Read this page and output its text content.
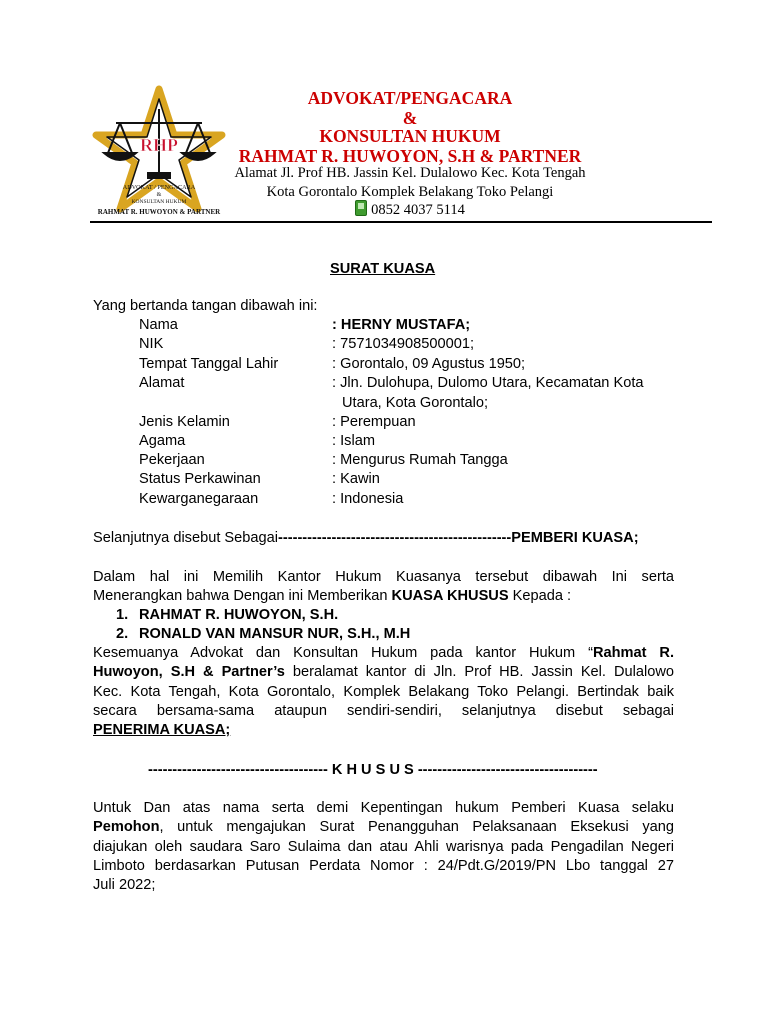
RHP
ADVOKAT / PENGACARA
&
KONSULTAN HUKUM
RAHMAT R. HUWOYON & PARTNER
ADVOKAT/PENGACARA
&
KONSULTAN HUKUM
RAHMAT R. HUWOYON, S.H & PARTNER
Alamat Jl. Prof HB. Jassin Kel. Dulalowo Kec. Kota Tengah
Kota Gorontalo Komplek Belakang Toko Pelangi
0852 4037 5114
SURAT KUASA
Yang bertanda tangan dibawah ini:
Nama	: HERNY MUSTAFA;
NIK	: 7571034908500001;
Tempat Tanggal Lahir	: Gorontalo, 09 Agustus 1950;
Alamat	: Jln. Dulohupa, Dulomo Utara, Kecamatan Kota
Utara, Kota Gorontalo;
Jenis Kelamin	: Perempuan
Agama	: Islam
Pekerjaan	: Mengurus Rumah Tangga
Status Perkawinan	: Kawin
Kewarganegaraan	: Indonesia
Selanjutnya disebut Sebagai------------------------------------------------PEMBERI KUASA;
Dalam hal ini Memilih Kantor Hukum Kuasanya tersebut dibawah Ini serta
Menerangkan bahwa Dengan ini Memberikan KUASA KHUSUS Kepada :
1. RAHMAT R. HUWOYON, S.H.
2. RONALD VAN MANSUR NUR, S.H., M.H
Kesemuanya Advokat dan Konsultan Hukum pada kantor Hukum “Rahmat R.
Huwoyon, S.H & Partner’s beralamat kantor di Jln. Prof HB. Jassin Kel. Dulalowo
Kec. Kota Tengah, Kota Gorontalo, Komplek Belakang Toko Pelangi. Bertindak baik
secara bersama-sama ataupun sendiri-sendiri, selanjutnya disebut sebagai
PENERIMA KUASA;
------------------------------------- K H U S U S -------------------------------------
Untuk Dan atas nama serta demi Kepentingan hukum Pemberi Kuasa selaku
Pemohon, untuk mengajukan Surat Penangguhan Pelaksanaan Eksekusi yang
diajukan oleh saudara Saro Sulaima dan atau Ahli warisnya pada Pengadilan Negeri
Limboto berdasarkan Putusan Perdata Nomor : 24/Pdt.G/2019/PN Lbo tanggal 27
Juli 2022;
